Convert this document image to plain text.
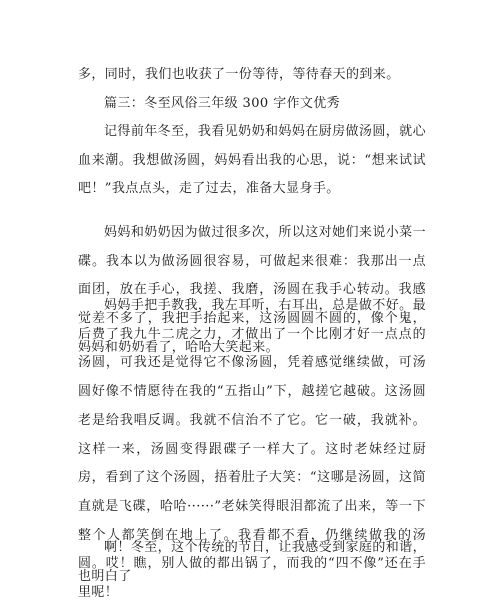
多，同时，我们也收获了一份等待，等待春天的到来。

篇三：冬至风俗三年级 300 字作文优秀

记得前年冬至，我看见奶奶和妈妈在厨房做汤圆，就心血来潮。我想做汤圆，妈妈看出我的心思，说：“想来试试吧！”我点点头，走了过去，准备大显身手。

妈妈和奶奶因为做过很多次，所以这对她们来说小菜一碟。我本以为做汤圆很容易，可做起来很难：我那出一点面团，放在手心，我搓、我磨，汤圆在我手心转动。我感觉差不多了，我把手抬起来，这汤圆圆不圆的，像个鬼，妈妈和奶奶看了，哈哈大笑起来。

妈妈手把手教我，我左耳听，右耳出，总是做不好。最后费了我九牛二虎之力，才做出了一个比刚才好一点点的汤圆，可我还是觉得它不像汤圆，凭着感觉继续做，可汤圆好像不情愿待在我的“五指山”下，越搓它越破。这汤圆老是给我唱反调。我就不信治不了它。它一破，我就补。这样一来，汤圆变得跟碟子一样大了。这时老妹经过厨房，看到了这个汤圆，捂着肚子大笑：“这哪是汤圆，这简直就是飞碟，哈哈······”老妹笑得眼泪都流了出来，等一下整个人都笑倒在地上了。我看都不看，仍继续做我的汤圆。哎！瞧，别人做的都出锅了，而我的“四不像”还在手里呢！

啊！冬至，这个传统的节日，让我感受到家庭的和谐，也明白了
